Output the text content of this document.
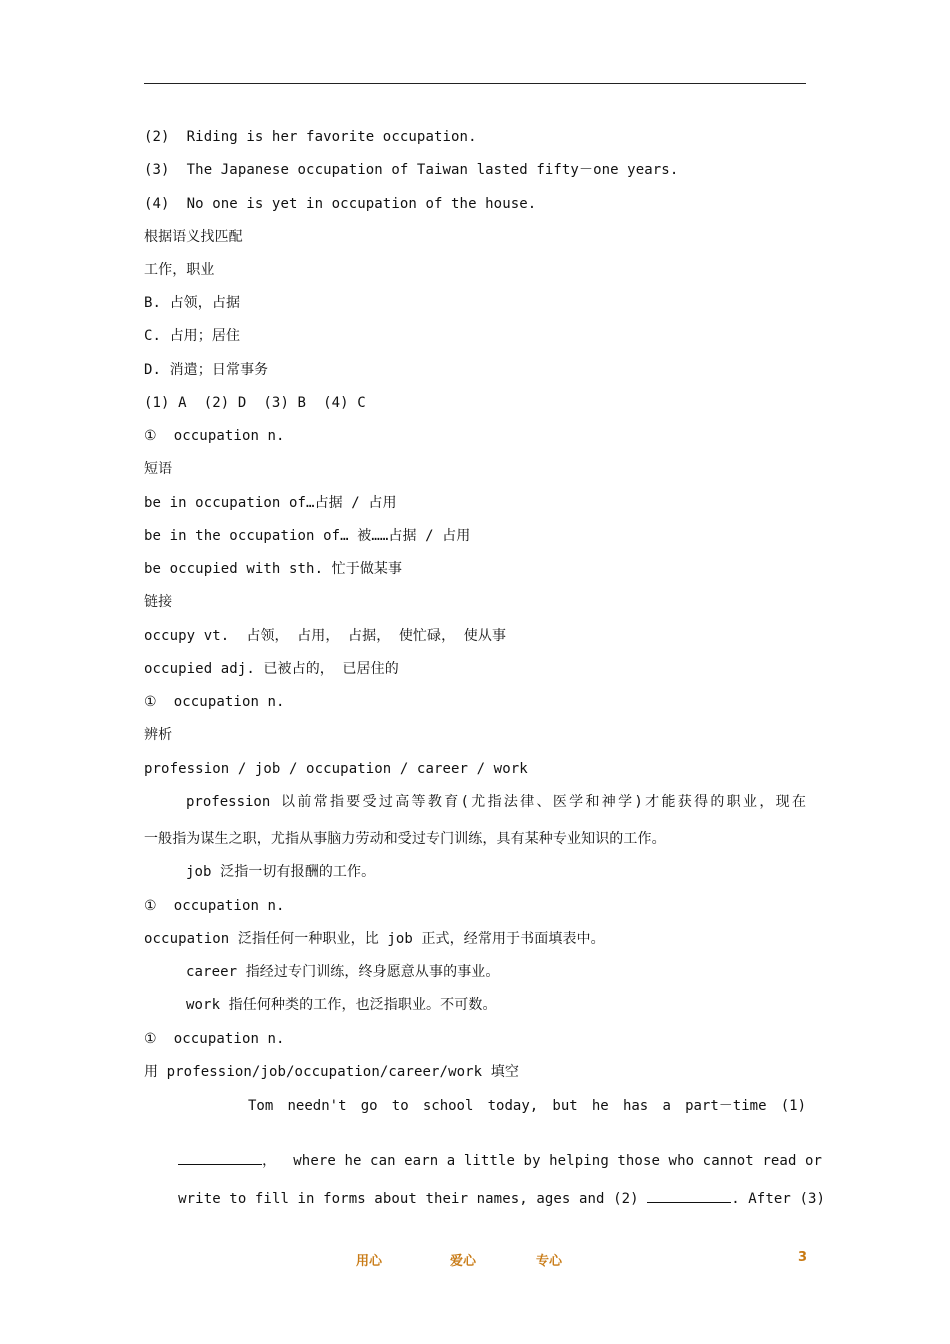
(2)  Riding is her favorite occupation.
(3)  The Japanese occupation of Taiwan lasted fifty－one years.
(4)  No one is yet in occupation of the house.
根据语义找匹配
工作，职业
B. 占领，占据
C. 占用；居住
D. 消遣；日常事务
(1) A  (2) D  (3) B  (4) C
①  occupation n.
短语
be in occupation of…占据 / 占用
be in the occupation of… 被……占据 / 占用
be occupied with sth. 忙于做某事
链接
occupy vt.  占领， 占用， 占据， 使忙碌， 使从事
occupied adj. 已被占的， 已居住的
①  occupation n.
辨析
profession / job / occupation / career / work
profession 以前常指要受过高等教育(尤指法律、医学和神学)才能获得的职业，现在
一般指为谋生之职，尤指从事脑力劳动和受过专门训练，具有某种专业知识的工作。
job 泛指一切有报酬的工作。
①  occupation n.
occupation 泛指任何一种职业，比 job 正式，经常用于书面填表中。
career 指经过专门训练，终身愿意从事的事业。
work 指任何种类的工作，也泛指职业。不可数。
①  occupation n.
用 profession/job/occupation/career/work 填空
Tom needn't go to school today, but he has a part－time (1)

，  where he can earn a little by helping those who cannot read or

write to fill in forms about their names, ages and (2)	. After (3)

用心	爱心	专心	3
